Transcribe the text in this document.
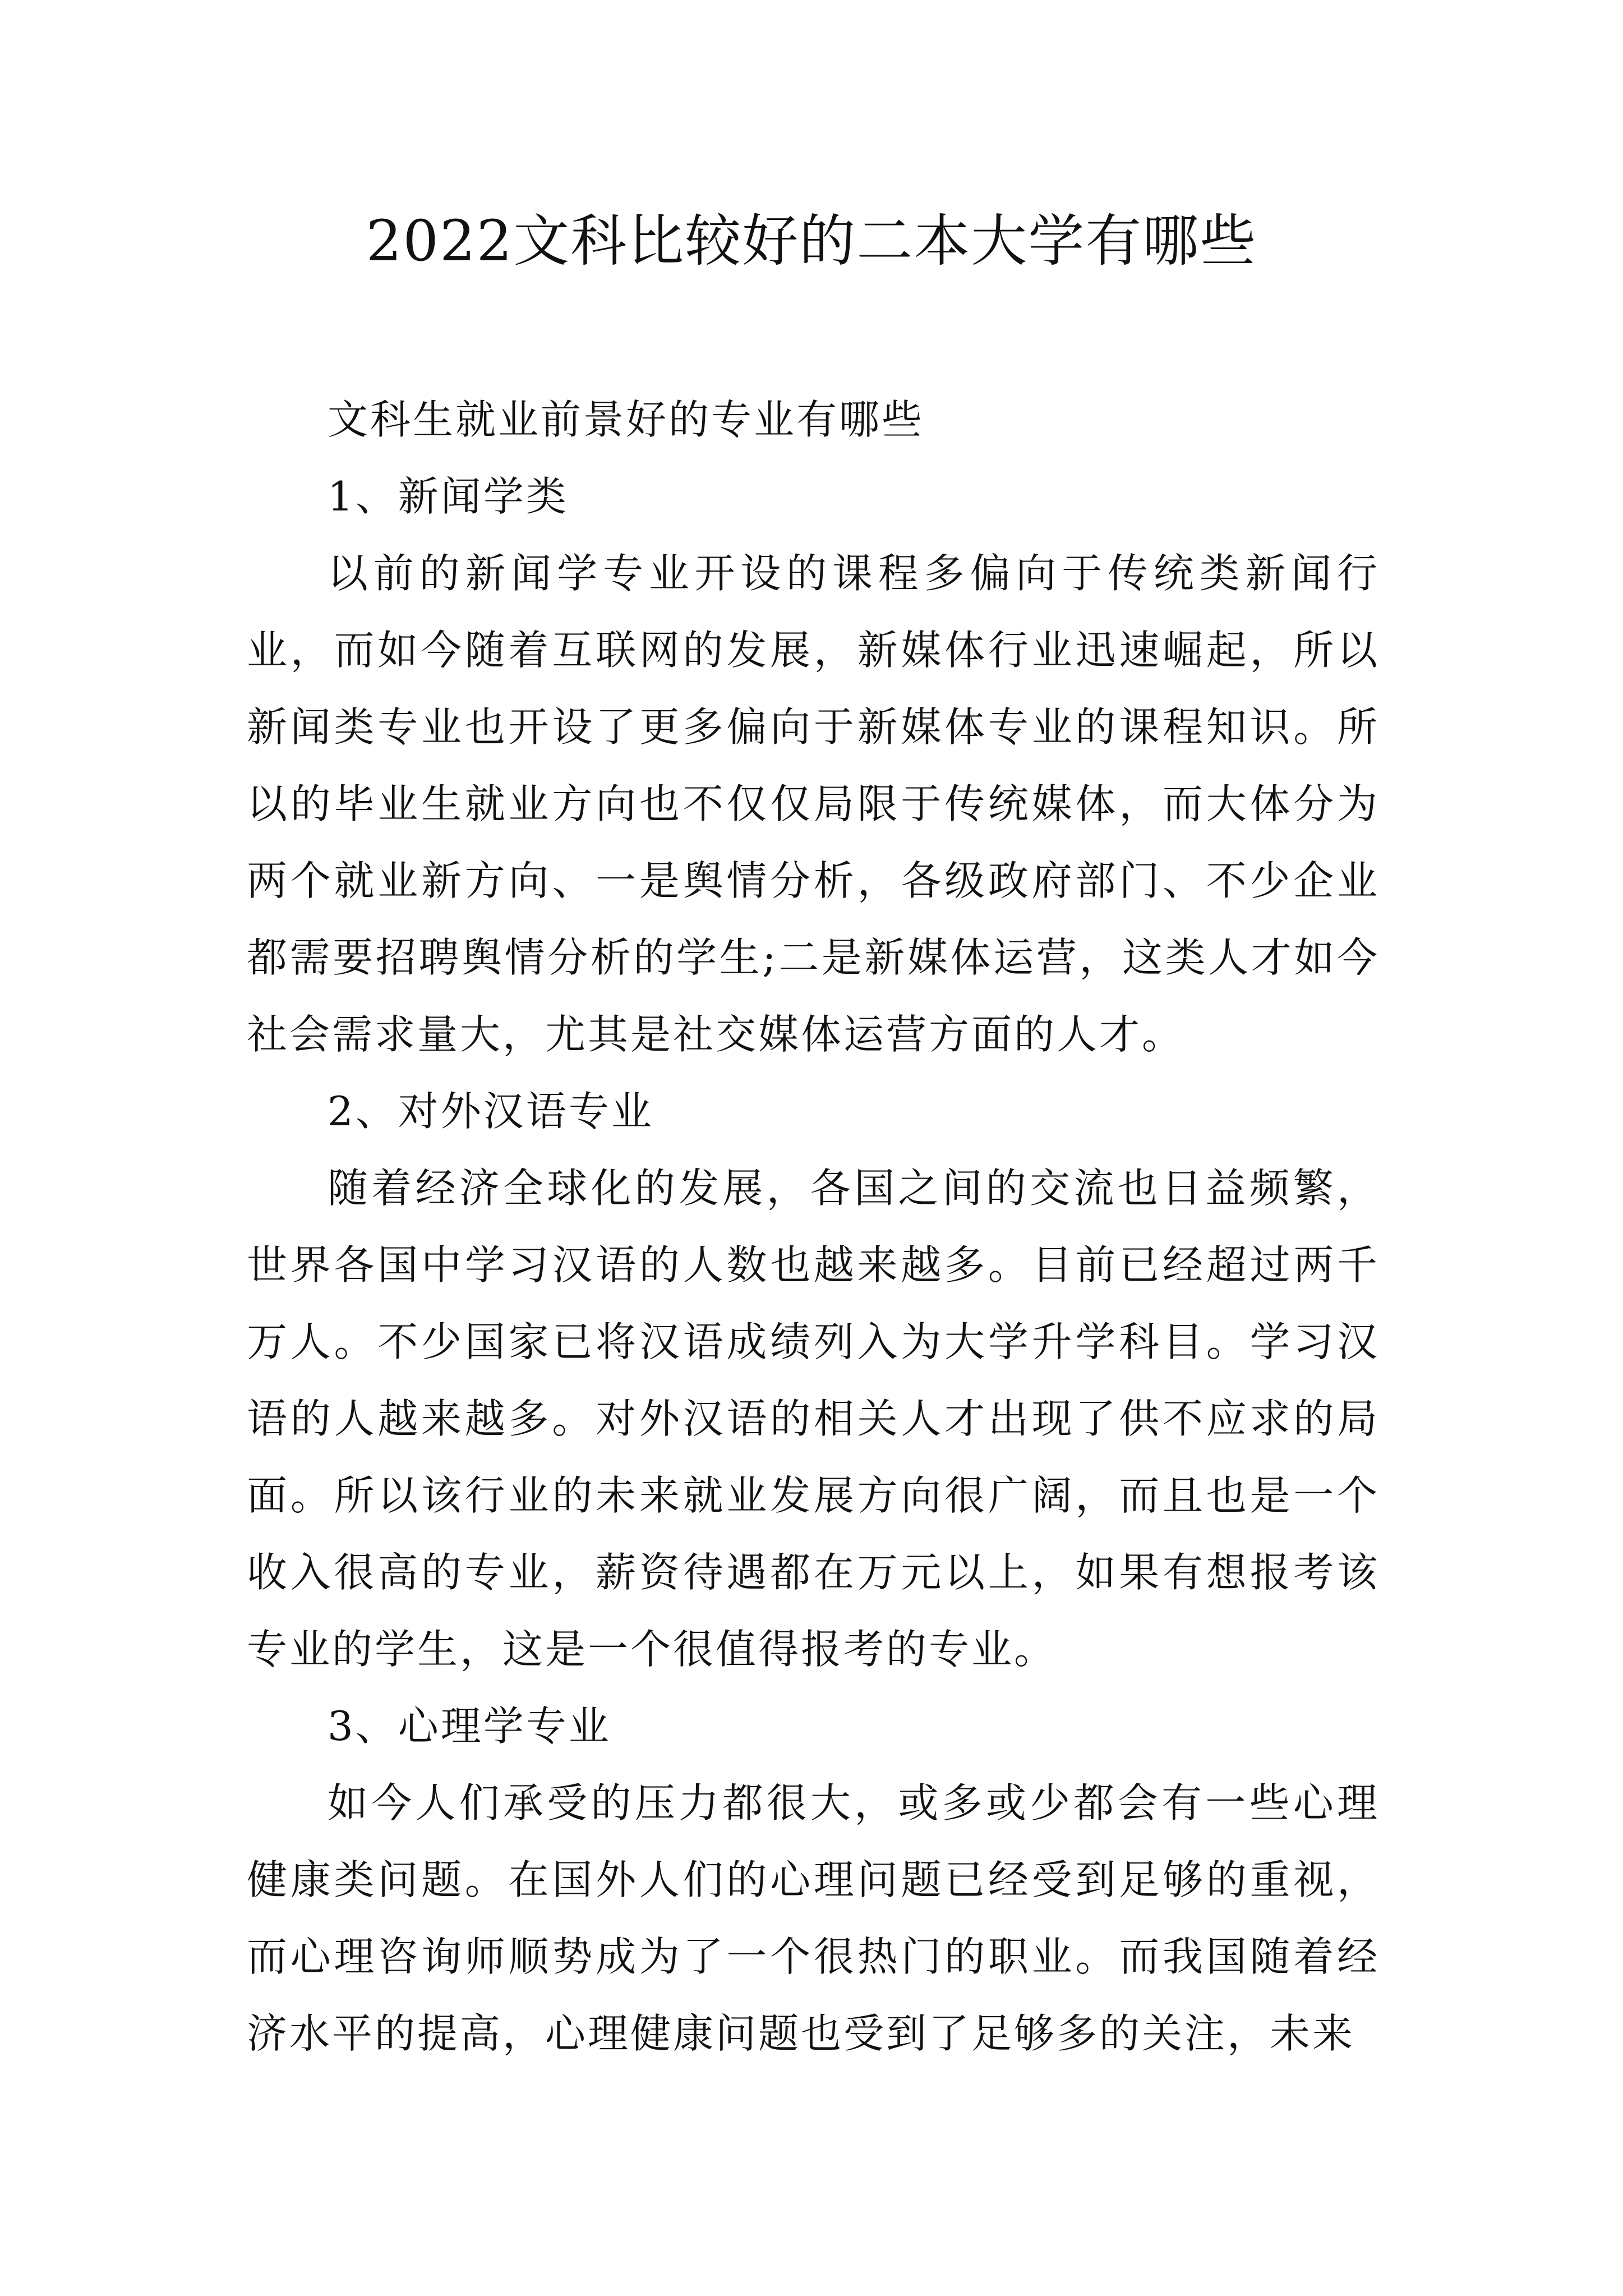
2022文科比较好的二本大学有哪些

文科生就业前景好的专业有哪些

1、新闻学类

以前的新闻学专业开设的课程多偏向于传统类新闻行业，而如今随着互联网的发展，新媒体行业迅速崛起，所以新闻类专业也开设了更多偏向于新媒体专业的课程知识。所以的毕业生就业方向也不仅仅局限于传统媒体，而大体分为两个就业新方向、一是舆情分析，各级政府部门、不少企业都需要招聘舆情分析的学生;二是新媒体运营，这类人才如今社会需求量大，尤其是社交媒体运营方面的人才。

2、对外汉语专业

随着经济全球化的发展，各国之间的交流也日益频繁，世界各国中学习汉语的人数也越来越多。目前已经超过两千万人。不少国家已将汉语成绩列入为大学升学科目。学习汉语的人越来越多。对外汉语的相关人才出现了供不应求的局面。所以该行业的未来就业发展方向很广阔，而且也是一个收入很高的专业，薪资待遇都在万元以上，如果有想报考该专业的学生，这是一个很值得报考的专业。

3、心理学专业

如今人们承受的压力都很大，或多或少都会有一些心理健康类问题。在国外人们的心理问题已经受到足够的重视，而心理咨询师顺势成为了一个很热门的职业。而我国随着经济水平的提高，心理健康问题也受到了足够多的关注，未来
